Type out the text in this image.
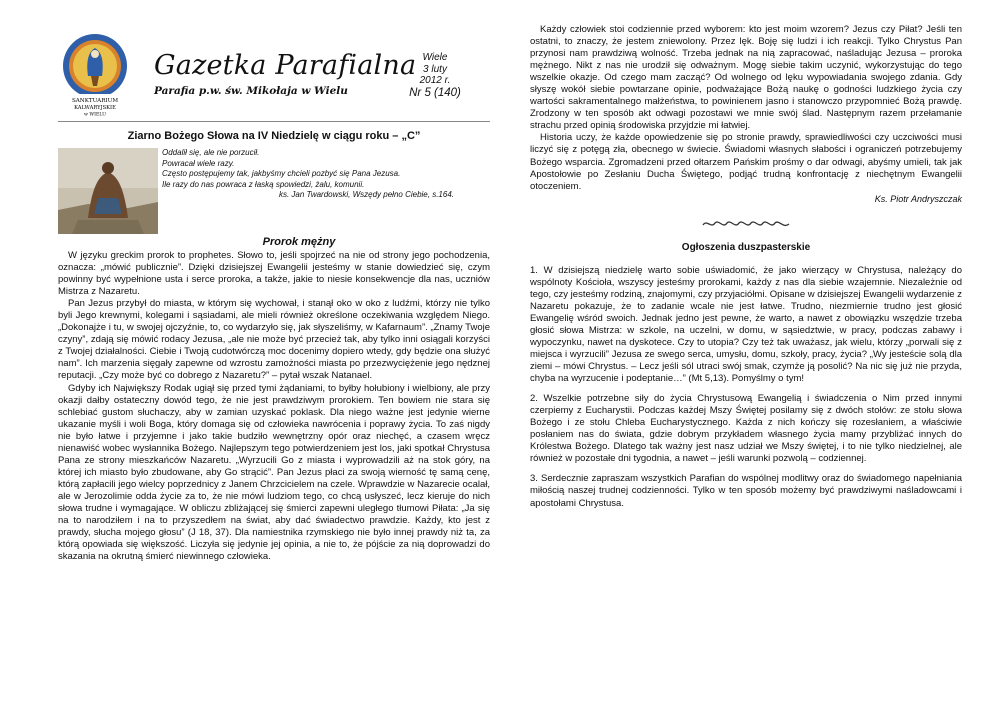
SANKTUARIUM
KALWARYJSKIE
w WIELU
Gazetka Parafialna
Parafia p.w. św. Mikołaja w Wielu
Wiele
3 luty
2012 r.
Nr 5 (140)
Ziarno Bożego Słowa na IV Niedzielę w ciągu roku – „C”
Oddalił się, ale nie porzucił.
Powracał wiele razy.
Często postępujemy tak, jakbyśmy chcieli pozbyć się Pana Jezusa.
Ile razy do nas powraca z łaską spowiedzi, żalu, komunii.
ks. Jan Twardowski, Wszędy pełno Ciebie, s.164.
Prorok mężny

W języku greckim prorok to prophetes. Słowo to, jeśli spojrzeć na nie od strony jego pochodzenia, oznacza: „mówić publicznie”. Dzięki dzisiejszej Ewangelii jesteśmy w stanie dowiedzieć się, czym powinny być wypełnione usta i serce proroka, a także, jakie to niesie konsekwencje dla nas, uczniów Mistrza z Nazaretu.

Pan Jezus przybył do miasta, w którym się wychował, i stanął oko w oko z ludźmi, którzy nie tylko byli Jego krewnymi, kolegami i sąsiadami, ale mieli również określone oczekiwania względem Niego. „Dokonajże i tu, w swojej ojczyźnie, to, co wydarzyło się, jak słyszeliśmy, w Kafarnaum”. „Znamy Twoje czyny”, zdają się mówić rodacy Jezusa, „ale nie może być przecież tak, aby tylko inni osiągali korzyści z Twojej działalności. Ciebie i Twoją cudotwórczą moc docenimy dopiero wtedy, gdy będzie ona służyć nam”. Ich marzenia sięgały zapewne od wzrostu zamożności miasta po przezwyciężenie jego nędznej reputacji. „Czy może być co dobrego z Nazaretu?” – pytał wszak Natanael.

Gdyby ich Największy Rodak ugiął się przed tymi żądaniami, to byłby hołubiony i wielbiony, ale przy okazji dałby ostateczny dowód tego, że nie jest prawdziwym prorokiem. Ten bowiem nie stara się schlebiać gustom słuchaczy, aby w zamian uzyskać poklask. Dla niego ważne jest jedynie wierne ukazanie myśli i woli Boga, który domaga się od człowieka nawrócenia i poprawy życia. To zaś nigdy nie było łatwe i przyjemne i jako takie budziło wewnętrzny opór oraz niechęć, a czasem wręcz nienawiść wobec wysłannika Bożego. Najlepszym tego potwierdzeniem jest los, jaki spotkał Chrystusa Pana ze strony mieszkańców Nazaretu. „Wyrzucili Go z miasta i wyprowadzili aż na stok góry, na której ich miasto było zbudowane, aby Go strącić”. Pan Jezus płaci za swoją wierność tę samą cenę, którą zapłacili jego wielcy poprzednicy z Janem Chrzcicielem na czele. Wprawdzie w Nazarecie ocalał, ale w Jerozolimie odda życie za to, że nie mówi ludziom tego, co chcą usłyszeć, lecz kieruje do nich słowa trudne i wymagające. W obliczu zbliżającej się śmierci zapewni uległego tłumowi Piłata: „Ja się na to narodziłem i na to przyszedłem na świat, aby dać świadectwo prawdzie. Każdy, kto jest z prawdy, słucha mojego głosu” (J 18, 37). Dla namiestnika rzymskiego nie było innej prawdy niż ta, za którą opowiada się większość. Liczyła się jedynie jej opinia, a nie to, że pójście za nią doprowadzi do skazania na okrutną śmierć niewinnego człowieka.

Każdy człowiek stoi codziennie przed wyborem: kto jest moim wzorem? Jezus czy Piłat? Jeśli ten ostatni, to znaczy, że jestem zniewolony. Przez lęk. Boję się ludzi i ich reakcji. Tylko Chrystus Pan przynosi nam prawdziwą wolność. Trzeba jednak na nią zapracować, naśladując Jezusa – proroka mężnego. Nikt z nas nie urodził się odważnym. Mogę siebie takim uczynić, wykorzystując do tego wszelkie okazje. Od czego mam zacząć? Od wolnego od lęku wypowiadania swojego zdania. Gdy słyszę wokół siebie powtarzane opinie, podważające Bożą naukę o godności ludzkiego życia czy wartości sakramentalnego małżeństwa, to powinienem jasno i stanowczo przypomnieć Bożą prawdę. Zrodzony w ten sposób akt odwagi pozostawi we mnie swój ślad. Następnym razem przełamanie strachu przed opinią środowiska przyjdzie mi łatwiej.

Historia uczy, że każde opowiedzenie się po stronie prawdy, sprawiedliwości czy uczciwości musi liczyć się z potęgą zła, obecnego w świecie. Świadomi własnych słabości i ograniczeń potrzebujemy Bożego wsparcia. Zgromadzeni przed ołtarzem Pańskim prośmy o dar odwagi, abyśmy umieli, tak jak Apostołowie po Zesłaniu Ducha Świętego, podjąć trudną konfrontację z niechętnym Ewangelii otoczeniem.

Ks. Piotr Andryszczak
Ogłoszenia duszpasterskie

1. W dzisiejszą niedzielę warto sobie uświadomić, że jako wierzący w Chrystusa, należący do wspólnoty Kościoła, wszyscy jesteśmy prorokami, każdy z nas dla siebie wzajemnie. Niezależnie od tego, czy jesteśmy rodziną, znajomymi, czy przyjaciółmi. Opisane w dzisiejszej Ewangelii wydarzenie z Nazaretu pokazuje, że to zadanie wcale nie jest łatwe. Trudno, niezmiernie trudno jest głosić Ewangelię wśród swoich. Jednak jedno jest pewne, że warto, a nawet z obowiązku wszędzie trzeba głosić słowa Mistrza: w szkole, na uczelni, w domu, w sąsiedztwie, w pracy, podczas zabawy i wypoczynku, nawet na dyskotece. Czy to utopia? Czy też tak uważasz, jak wielu, którzy „porwali się z miejsca i wyrzucili” Jezusa ze swego serca, umysłu, domu, szkoły, pracy, życia? „Wy jesteście solą dla ziemi – mówi Chrystus. – Lecz jeśli sól utraci swój smak, czymże ją posolić? Na nic się już nie przyda, chyba na wyrzucenie i podeptanie…” (Mt 5,13). Pomyślmy o tym!

2. Wszelkie potrzebne siły do życia Chrystusową Ewangelią i świadczenia o Nim przed innymi czerpiemy z Eucharystii. Podczas każdej Mszy Świętej posilamy się z dwóch stołów: ze stołu słowa Bożego i ze stołu Chleba Eucharystycznego. Każda z nich kończy się rozesłaniem, a właściwie posłaniem nas do świata, gdzie dobrym przykładem własnego życia mamy przybliżać innych do Królestwa Bożego. Dlatego tak ważny jest nasz udział we Mszy świętej, i to nie tylko niedzielnej, ale również w pozostałe dni tygodnia, a nawet – jeśli warunki pozwolą – codziennej.

3. Serdecznie zapraszam wszystkich Parafian do wspólnej modlitwy oraz do świadomego napełniania miłością naszej trudnej codzienności. Tylko w ten sposób możemy być prawdziwymi naśladowcami i apostołami Chrystusa.
